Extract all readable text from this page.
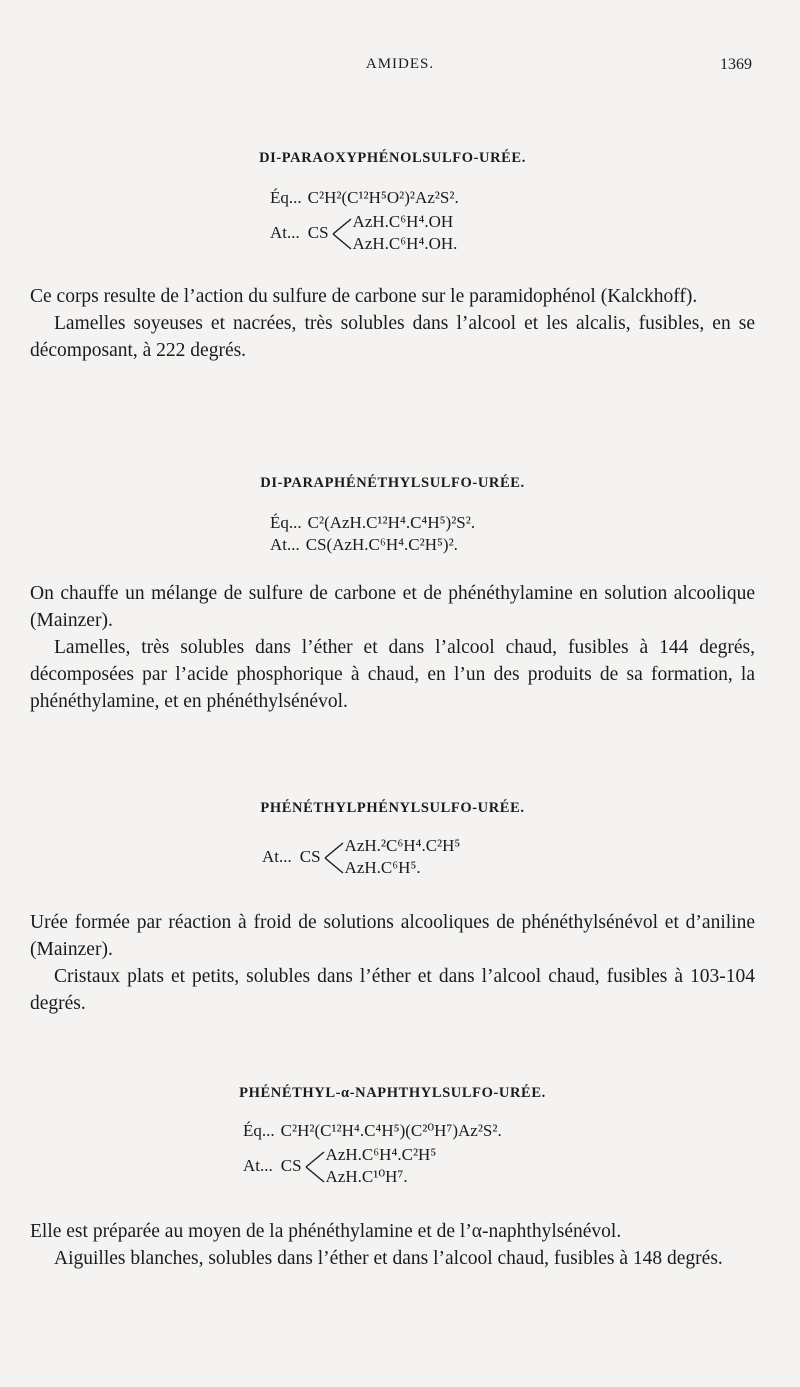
AMIDES.	1369
DI-PARAOXYPHÉNOLSULFO-URÉE.
Éq... C²H²(C¹²H⁵O²)²Az²S².
At... CS
AzH.C⁶H⁴.OH
AzH.C⁶H⁴.OH.

Ce corps resulte de l’action du sulfure de carbone sur le paramidophénol (Kalckhoff).

Lamelles soyeuses et nacrées, très solubles dans l’alcool et les alcalis, fusibles, en se décomposant, à 222 degrés.

DI-PARAPHÉNÉTHYLSULFO-URÉE.
Éq... C²(AzH.C¹²H⁴.C⁴H⁵)²S².
At... CS(AzH.C⁶H⁴.C²H⁵)².

On chauffe un mélange de sulfure de carbone et de phénéthylamine en solution alcoolique (Mainzer).

Lamelles, très solubles dans l’éther et dans l’alcool chaud, fusibles à 144 degrés, décomposées par l’acide phosphorique à chaud, en l’un des produits de sa formation, la phénéthylamine, et en phénéthylsénévol.

PHÉNÉTHYLPHÉNYLSULFO-URÉE.
At... CS
AzH.²C⁶H⁴.C²H⁵
AzH.C⁶H⁵.

Urée formée par réaction à froid de solutions alcooliques de phénéthylsénévol et d’aniline (Mainzer).

Cristaux plats et petits, solubles dans l’éther et dans l’alcool chaud, fusibles à 103-104 degrés.

PHÉNÉTHYL-α-NAPHTHYLSULFO-URÉE.
Éq... C²H²(C¹²H⁴.C⁴H⁵)(C²⁰H⁷)Az²S².
At... CS
AzH.C⁶H⁴.C²H⁵
AzH.C¹⁰H⁷.

Elle est préparée au moyen de la phénéthylamine et de l’α-naphthylsénévol.

Aiguilles blanches, solubles dans l’éther et dans l’alcool chaud, fusibles à 148 degrés.
